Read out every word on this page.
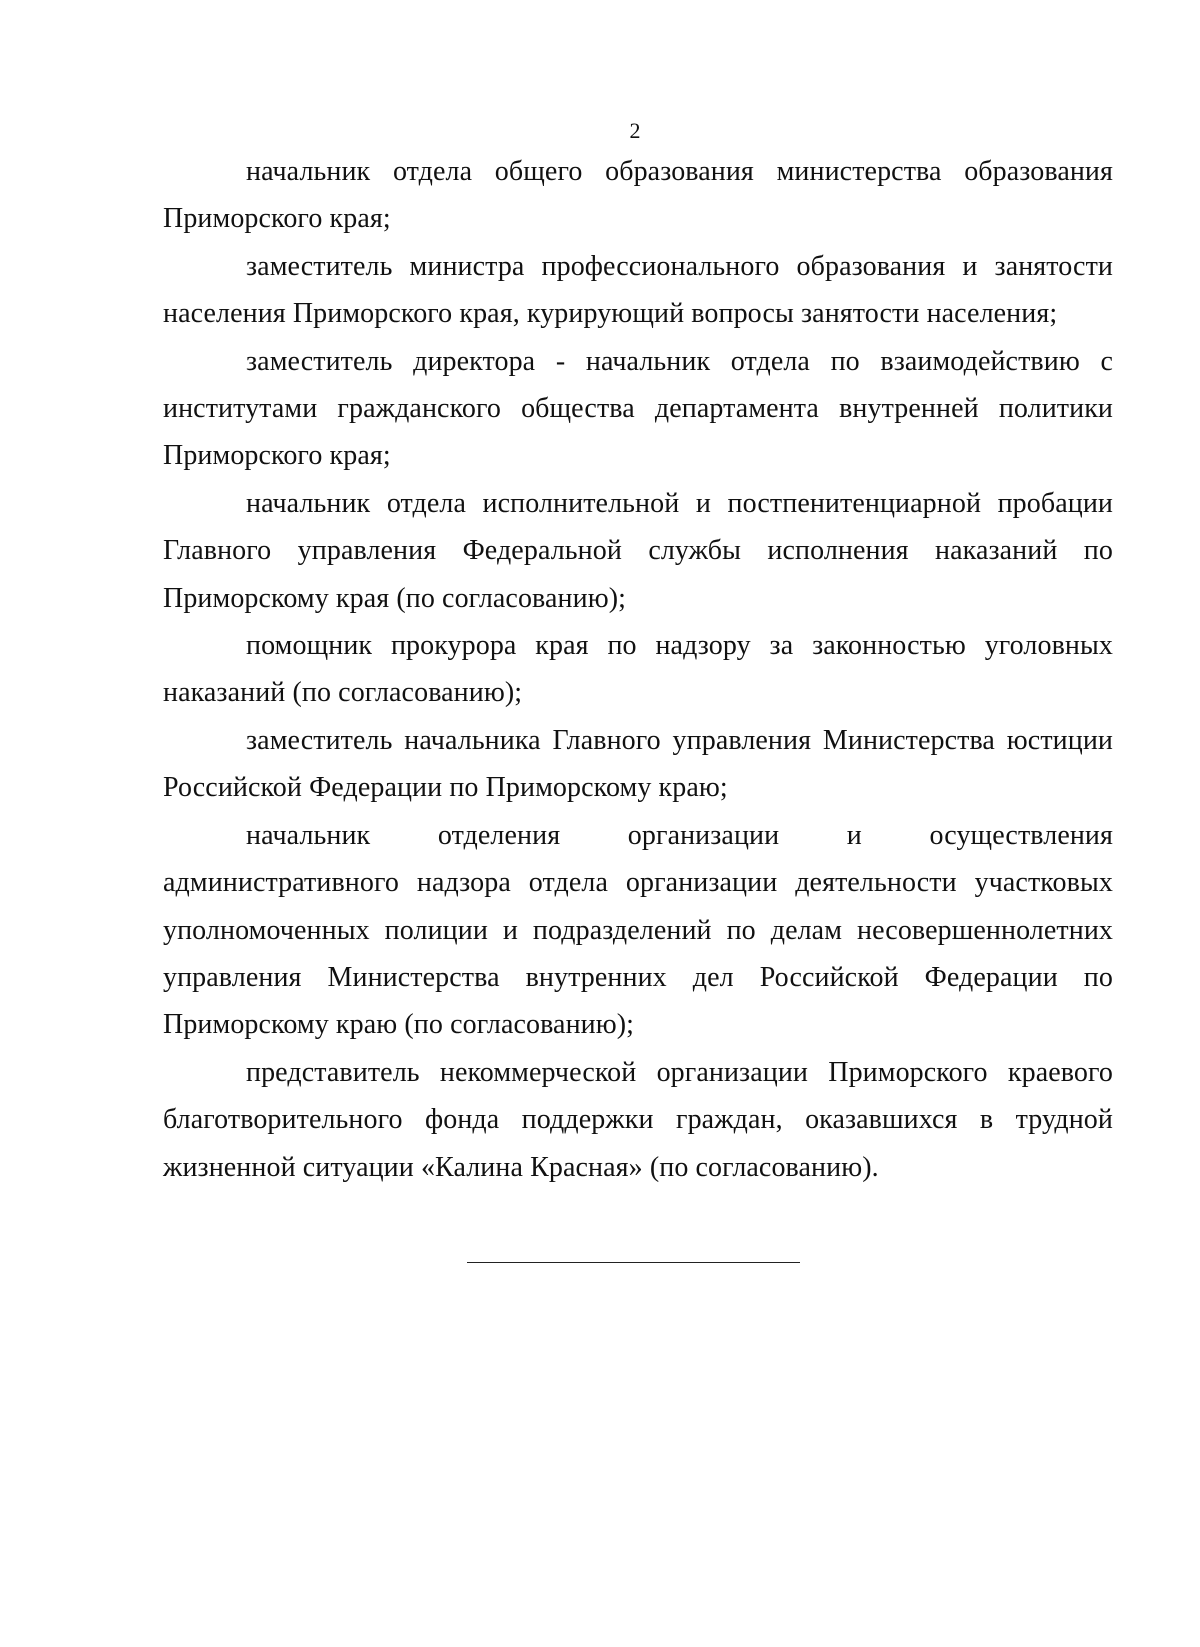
2

начальник отдела общего образования министерства образования Приморского края;

заместитель министра профессионального образования и занятости населения Приморского края, курирующий вопросы занятости населения;

заместитель директора - начальник отдела по взаимодействию с институтами гражданского общества департамента внутренней политики Приморского края;

начальник отдела исполнительной и постпенитенциарной пробации Главного управления Федеральной службы исполнения наказаний по Приморскому края (по согласованию);

помощник прокурора края по надзору за законностью уголовных наказаний (по согласованию);

заместитель начальника Главного управления Министерства юстиции Российской Федерации по Приморскому краю;

начальник отделения организации и осуществления административного надзора отдела организации деятельности участковых уполномоченных полиции и подразделений по делам несовершеннолетних управления Министерства внутренних дел Российской Федерации по Приморскому краю (по согласованию);

представитель некоммерческой организации Приморского краевого благотворительного фонда поддержки граждан, оказавшихся в трудной жизненной ситуации «Калина Красная» (по согласованию).
